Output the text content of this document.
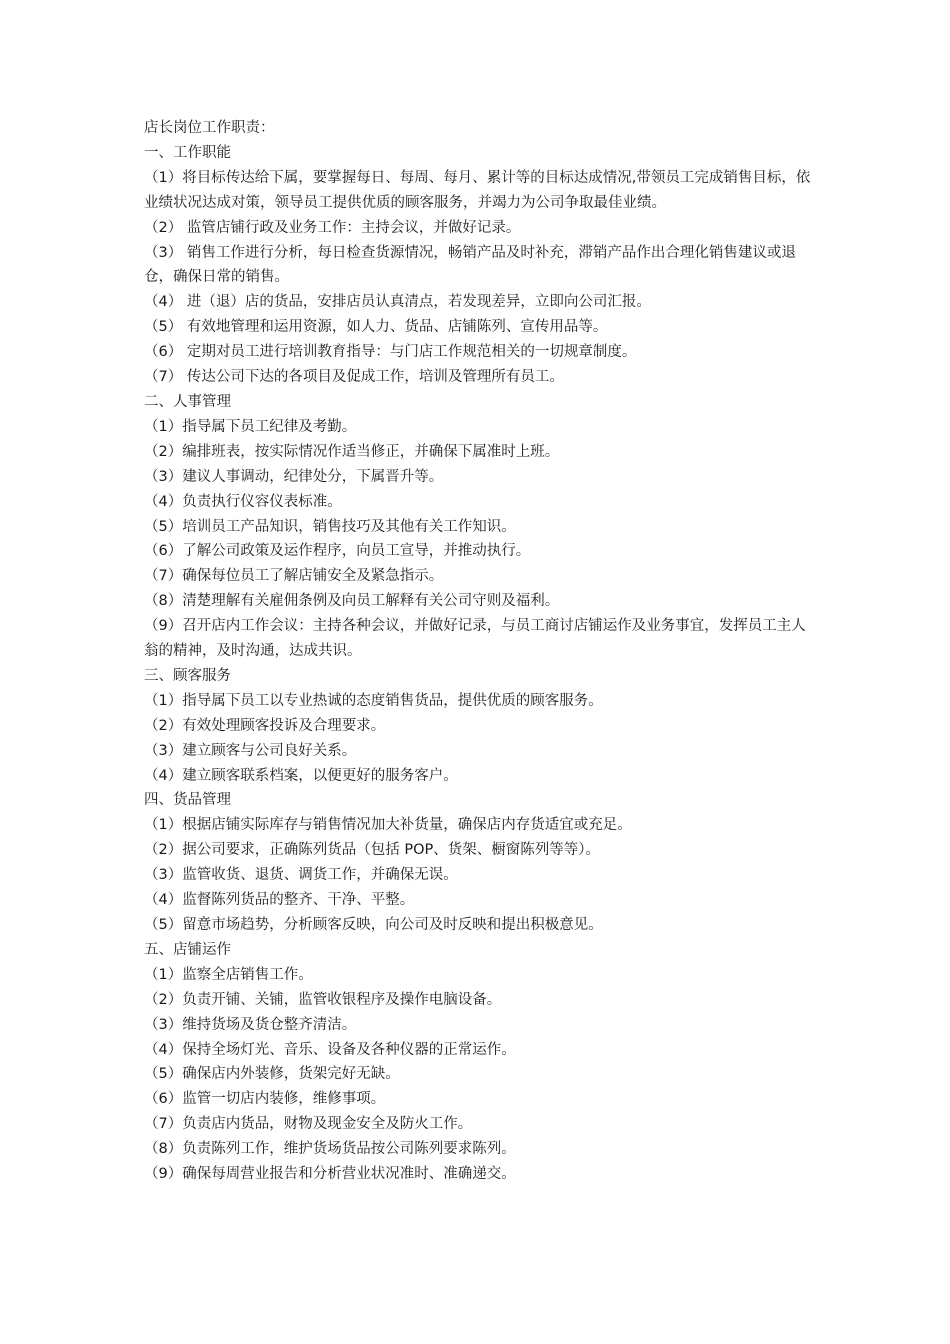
店长岗位工作职责：

一、工作职能

（1）将目标传达给下属，要掌握每日、每周、每月、累计等的目标达成情况,带领员工完成销售目标，依业绩状况达成对策，领导员工提供优质的顾客服务，并竭力为公司争取最佳业绩。

（2） 监管店铺行政及业务工作：主持会议，并做好记录。

（3） 销售工作进行分析，每日检查货源情况，畅销产品及时补充，滞销产品作出合理化销售建议或退仓，确保日常的销售。

（4） 进（退）店的货品，安排店员认真清点，若发现差异，立即向公司汇报。

（5） 有效地管理和运用资源，如人力、货品、店铺陈列、宣传用品等。

（6） 定期对员工进行培训教育指导：与门店工作规范相关的一切规章制度。

（7） 传达公司下达的各项目及促成工作，培训及管理所有员工。

二、人事管理

（1）指导属下员工纪律及考勤。

（2）编排班表，按实际情况作适当修正，并确保下属准时上班。

（3）建议人事调动，纪律处分，下属晋升等。

（4）负责执行仪容仪表标准。

（5）培训员工产品知识，销售技巧及其他有关工作知识。

（6）了解公司政策及运作程序，向员工宣导，并推动执行。

（7）确保每位员工了解店铺安全及紧急指示。

（8）清楚理解有关雇佣条例及向员工解释有关公司守则及福利。

（9）召开店内工作会议：主持各种会议，并做好记录，与员工商讨店铺运作及业务事宜，发挥员工主人翁的精神，及时沟通，达成共识。

三、顾客服务

（1）指导属下员工以专业热诚的态度销售货品，提供优质的顾客服务。

（2）有效处理顾客投诉及合理要求。

（3）建立顾客与公司良好关系。

（4）建立顾客联系档案，以便更好的服务客户。

四、货品管理

（1）根据店铺实际库存与销售情况加大补货量，确保店内存货适宜或充足。

（2）据公司要求，正确陈列货品（包括 POP、货架、橱窗陈列等等）。

（3）监管收货、退货、调货工作，并确保无误。

（4）监督陈列货品的整齐、干净、平整。

（5）留意市场趋势，分析顾客反映，向公司及时反映和提出积极意见。

五、店铺运作

（1）监察全店销售工作。

（2）负责开铺、关铺，监管收银程序及操作电脑设备。

（3）维持货场及货仓整齐清洁。

（4）保持全场灯光、音乐、设备及各种仪器的正常运作。

（5）确保店内外装修，货架完好无缺。

（6）监管一切店内装修，维修事项。

（7）负责店内货品，财物及现金安全及防火工作。

（8）负责陈列工作，维护货场货品按公司陈列要求陈列。

（9）确保每周营业报告和分析营业状况准时、准确递交。
